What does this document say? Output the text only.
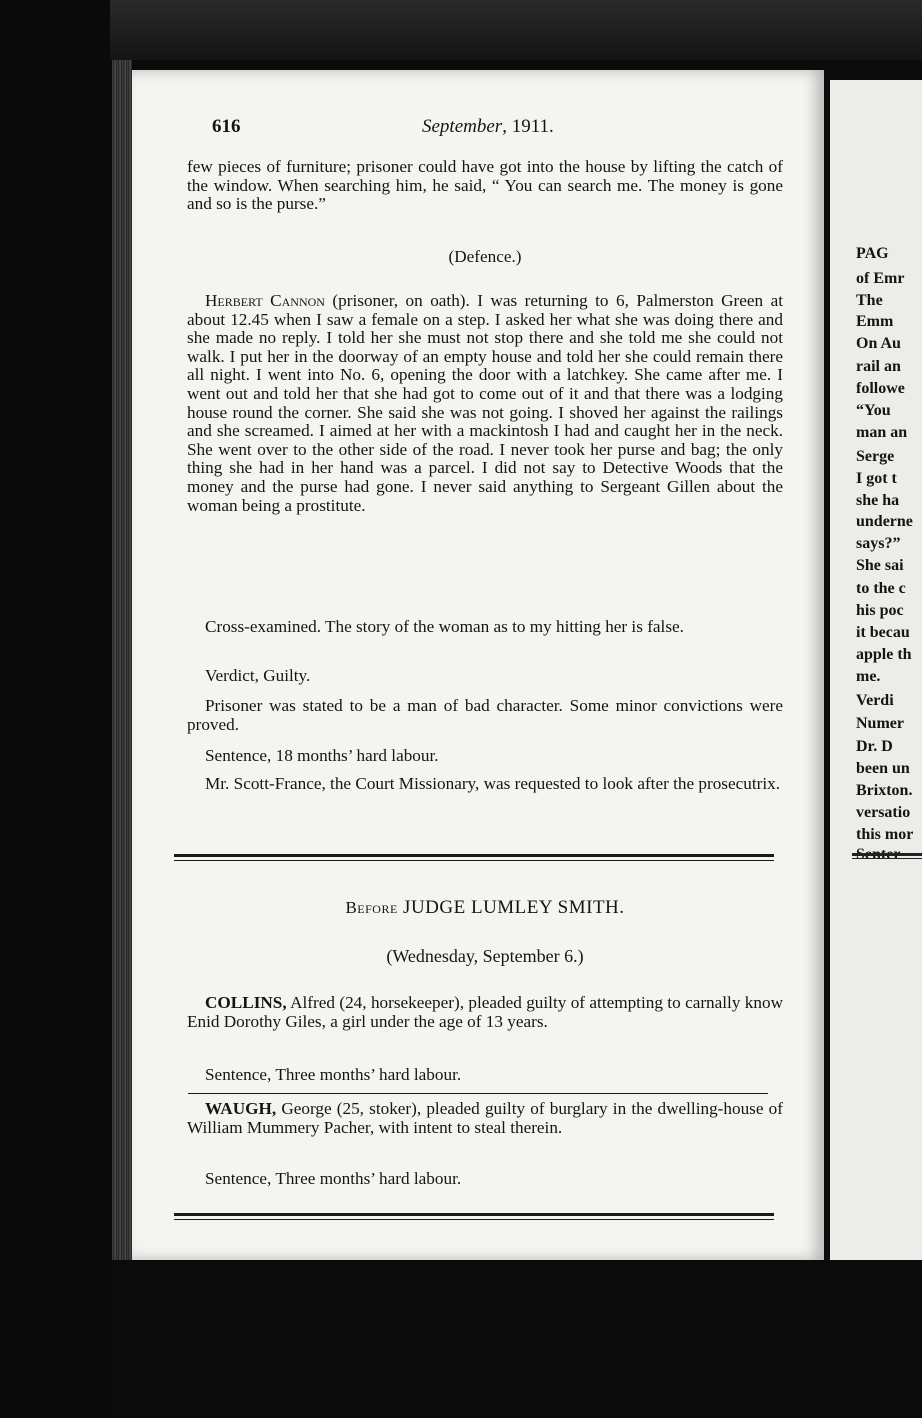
616	September, 1911.

few pieces of furniture; prisoner could have got into the house by lifting the catch of the window. When searching him, he said, “ You can search me. The money is gone and so is the purse.”

(Defence.)

Herbert Cannon (prisoner, on oath). I was returning to 6, Palmerston Green at about 12.45 when I saw a female on a step. I asked her what she was doing there and she made no reply. I told her she must not stop there and she told me she could not walk. I put her in the doorway of an empty house and told her she could remain there all night. I went into No. 6, opening the door with a latchkey. She came after me. I went out and told her that she had got to come out of it and that there was a lodging house round the corner. She said she was not going. I shoved her against the railings and she screamed. I aimed at her with a mackintosh I had and caught her in the neck. She went over to the other side of the road. I never took her purse and bag; the only thing she had in her hand was a parcel. I did not say to Detective Woods that the money and the purse had gone. I never said anything to Sergeant Gillen about the woman being a prostitute.

Cross-examined. The story of the woman as to my hitting her is false.

Verdict, Guilty.

Prisoner was stated to be a man of bad character. Some minor convictions were proved.

Sentence, 18 months’ hard labour.

Mr. Scott-France, the Court Missionary, was requested to look after the prosecutrix.

Before JUDGE LUMLEY SMITH.
(Wednesday, September 6.)

COLLINS, Alfred (24, horsekeeper), pleaded guilty of attempting to carnally know Enid Dorothy Giles, a girl under the age of 13 years.

Sentence, Three months’ hard labour.

WAUGH, George (25, stoker), pleaded guilty of burglary in the dwelling-house of William Mummery Pacher, with intent to steal therein.

Sentence, Three months’ hard labour.

PAG
of Emr
The
Emm
On Au
rail an
followe
“You
man an
Serge
I got t
she ha
underne
says?”
She sai
to the c
his poc
it becau
apple th
me.
Verdi
Numer
Dr. D
been un
Brixton.
versatio
this mor
